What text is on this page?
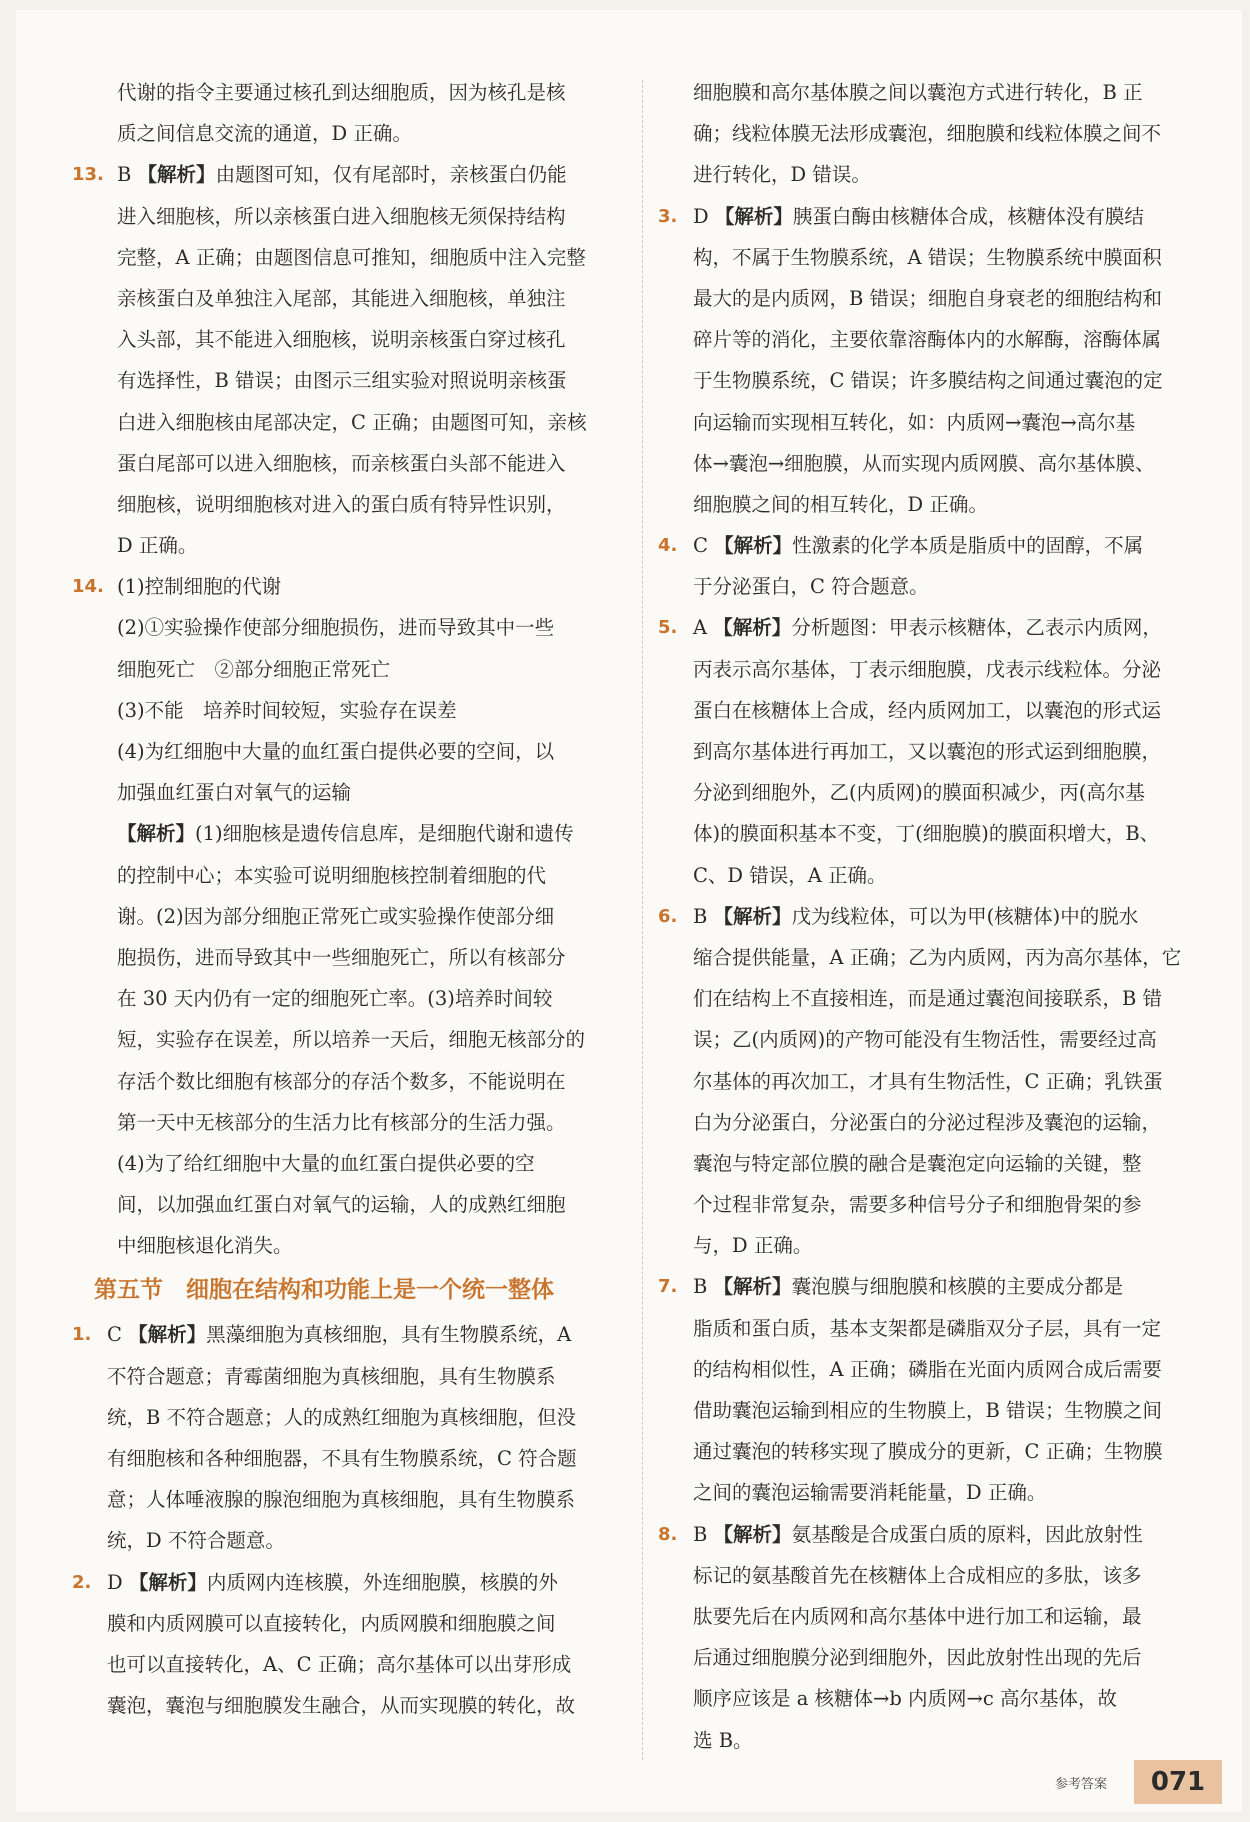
代谢的指令主要通过核孔到达细胞质，因为核孔是核
质之间信息交流的通道，D 正确。
13. B 【解析】由题图可知，仅有尾部时，亲核蛋白仍能
进入细胞核，所以亲核蛋白进入细胞核无须保持结构
完整，A 正确；由题图信息可推知，细胞质中注入完整
亲核蛋白及单独注入尾部，其能进入细胞核，单独注
入头部，其不能进入细胞核，说明亲核蛋白穿过核孔
有选择性，B 错误；由图示三组实验对照说明亲核蛋
白进入细胞核由尾部决定，C 正确；由题图可知，亲核
蛋白尾部可以进入细胞核，而亲核蛋白头部不能进入
细胞核，说明细胞核对进入的蛋白质有特异性识别，
D 正确。
14. (1)控制细胞的代谢
(2)①实验操作使部分细胞损伤，进而导致其中一些
细胞死亡　②部分细胞正常死亡
(3)不能　培养时间较短，实验存在误差
(4)为红细胞中大量的血红蛋白提供必要的空间，以
加强血红蛋白对氧气的运输
【解析】(1)细胞核是遗传信息库，是细胞代谢和遗传
的控制中心；本实验可说明细胞核控制着细胞的代
谢。(2)因为部分细胞正常死亡或实验操作使部分细
胞损伤，进而导致其中一些细胞死亡，所以有核部分
在 30 天内仍有一定的细胞死亡率。(3)培养时间较
短，实验存在误差，所以培养一天后，细胞无核部分的
存活个数比细胞有核部分的存活个数多，不能说明在
第一天中无核部分的生活力比有核部分的生活力强。
(4)为了给红细胞中大量的血红蛋白提供必要的空
间，以加强血红蛋白对氧气的运输，人的成熟红细胞
中细胞核退化消失。
第五节　细胞在结构和功能上是一个统一整体
1. C 【解析】黑藻细胞为真核细胞，具有生物膜系统，A
不符合题意；青霉菌细胞为真核细胞，具有生物膜系
统，B 不符合题意；人的成熟红细胞为真核细胞，但没
有细胞核和各种细胞器，不具有生物膜系统，C 符合题
意；人体唾液腺的腺泡细胞为真核细胞，具有生物膜系
统，D 不符合题意。
2. D 【解析】内质网内连核膜，外连细胞膜，核膜的外
膜和内质网膜可以直接转化，内质网膜和细胞膜之间
也可以直接转化，A、C 正确；高尔基体可以出芽形成
囊泡，囊泡与细胞膜发生融合，从而实现膜的转化，故
细胞膜和高尔基体膜之间以囊泡方式进行转化，B 正
确；线粒体膜无法形成囊泡，细胞膜和线粒体膜之间不
进行转化，D 错误。
3. D 【解析】胰蛋白酶由核糖体合成，核糖体没有膜结
构，不属于生物膜系统，A 错误；生物膜系统中膜面积
最大的是内质网，B 错误；细胞自身衰老的细胞结构和
碎片等的消化，主要依靠溶酶体内的水解酶，溶酶体属
于生物膜系统，C 错误；许多膜结构之间通过囊泡的定
向运输而实现相互转化，如：内质网→囊泡→高尔基
体→囊泡→细胞膜，从而实现内质网膜、高尔基体膜、
细胞膜之间的相互转化，D 正确。
4. C 【解析】性激素的化学本质是脂质中的固醇，不属
于分泌蛋白，C 符合题意。
5. A 【解析】分析题图：甲表示核糖体，乙表示内质网，
丙表示高尔基体，丁表示细胞膜，戊表示线粒体。分泌
蛋白在核糖体上合成，经内质网加工，以囊泡的形式运
到高尔基体进行再加工，又以囊泡的形式运到细胞膜，
分泌到细胞外，乙(内质网)的膜面积减少，丙(高尔基
体)的膜面积基本不变，丁(细胞膜)的膜面积增大，B、
C、D 错误，A 正确。
6. B 【解析】戊为线粒体，可以为甲(核糖体)中的脱水
缩合提供能量，A 正确；乙为内质网，丙为高尔基体，它
们在结构上不直接相连，而是通过囊泡间接联系，B 错
误；乙(内质网)的产物可能没有生物活性，需要经过高
尔基体的再次加工，才具有生物活性，C 正确；乳铁蛋
白为分泌蛋白，分泌蛋白的分泌过程涉及囊泡的运输，
囊泡与特定部位膜的融合是囊泡定向运输的关键，整
个过程非常复杂，需要多种信号分子和细胞骨架的参
与，D 正确。
7. B 【解析】囊泡膜与细胞膜和核膜的主要成分都是
脂质和蛋白质，基本支架都是磷脂双分子层，具有一定
的结构相似性，A 正确；磷脂在光面内质网合成后需要
借助囊泡运输到相应的生物膜上，B 错误；生物膜之间
通过囊泡的转移实现了膜成分的更新，C 正确；生物膜
之间的囊泡运输需要消耗能量，D 正确。
8. B 【解析】氨基酸是合成蛋白质的原料，因此放射性
标记的氨基酸首先在核糖体上合成相应的多肽，该多
肽要先后在内质网和高尔基体中进行加工和运输，最
后通过细胞膜分泌到细胞外，因此放射性出现的先后
顺序应该是 a 核糖体→b 内质网→c 高尔基体，故
选 B。
参考答案	071
